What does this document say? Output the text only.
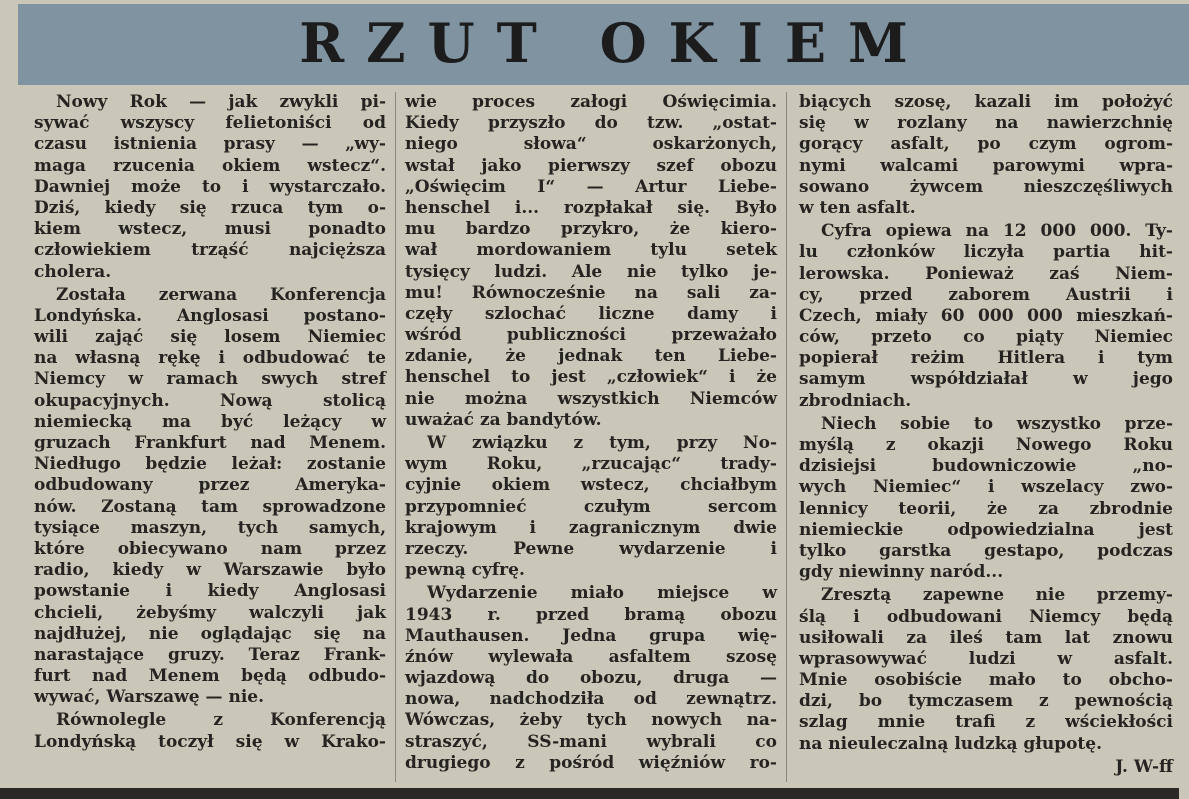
RZUT OKIEM
Nowy Rok — jak zwykli pi-
sywać wszyscy felietoniści od
czasu istnienia prasy — „wy-
maga rzucenia okiem wstecz“.
Dawniej może to i wystarczało.
Dziś, kiedy się rzuca tym o-
kiem wstecz, musi ponadto
człowiekiem trząść najcięższa
cholera.
Została zerwana Konferencja
Londyńska. Anglosasi postano-
wili zająć się losem Niemiec
na własną rękę i odbudować te
Niemcy w ramach swych stref
okupacyjnych. Nową stolicą
niemiecką ma być leżący w
gruzach Frankfurt nad Menem.
Niedługo będzie leżał: zostanie
odbudowany przez Ameryka-
nów. Zostaną tam sprowadzone
tysiące maszyn, tych samych,
które obiecywano nam przez
radio, kiedy w Warszawie było
powstanie i kiedy Anglosasi
chcieli, żebyśmy walczyli jak
najdłużej, nie oglądając się na
narastające gruzy. Teraz Frank-
furt nad Menem będą odbudo-
wywać, Warszawę — nie.
Równolegle z Konferencją
Londyńską toczył się w Krako-
wie proces załogi Oświęcimia.
Kiedy przyszło do tzw. „ostat-
niego słowa“ oskarżonych,
wstał jako pierwszy szef obozu
„Oświęcim I“ — Artur Liebe-
henschel i... rozpłakał się. Było
mu bardzo przykro, że kiero-
wał mordowaniem tylu setek
tysięcy ludzi. Ale nie tylko je-
mu! Równocześnie na sali za-
częły szlochać liczne damy i
wśród publiczności przeważało
zdanie, że jednak ten Liebe-
henschel to jest „człowiek“ i że
nie można wszystkich Niemców
uważać za bandytów.
W związku z tym, przy No-
wym Roku, „rzucając“ trady-
cyjnie okiem wstecz, chciałbym
przypomnieć czułym sercom
krajowym i zagranicznym dwie
rzeczy. Pewne wydarzenie i
pewną cyfrę.
Wydarzenie miało miejsce w
1943 r. przed bramą obozu
Mauthausen. Jedna grupa wię-
źnów wylewała asfaltem szosę
wjazdową do obozu, druga —
nowa, nadchodziła od zewnątrz.
Wówczas, żeby tych nowych na-
straszyć, SS-mani wybrali co
drugiego z pośród więźniów ro-
biących szosę, kazali im położyć
się w rozlany na nawierzchnię
gorący asfalt, po czym ogrom-
nymi walcami parowymi wpra-
sowano żywcem nieszczęśliwych
w ten asfalt.
Cyfra opiewa na 12 000 000. Ty-
lu członków liczyła partia hit-
lerowska. Ponieważ zaś Niem-
cy, przed zaborem Austrii i
Czech, miały 60 000 000 mieszkań-
ców, przeto co piąty Niemiec
popierał reżim Hitlera i tym
samym współdziałał w jego
zbrodniach.
Niech sobie to wszystko prze-
myślą z okazji Nowego Roku
dzisiejsi budowniczowie „no-
wych Niemiec“ i wszelacy zwo-
lennicy teorii, że za zbrodnie
niemieckie odpowiedzialna jest
tylko garstka gestapo, podczas
gdy niewinny naród...
Zresztą zapewne nie przemy-
ślą i odbudowani Niemcy będą
usiłowali za ileś tam lat znowu
wprasowywać ludzi w asfalt.
Mnie osobiście mało to obcho-
dzi, bo tymczasem z pewnością
szlag mnie trafi z wściekłości
na nieuleczalną ludzką głupotę.
J. W-ff
